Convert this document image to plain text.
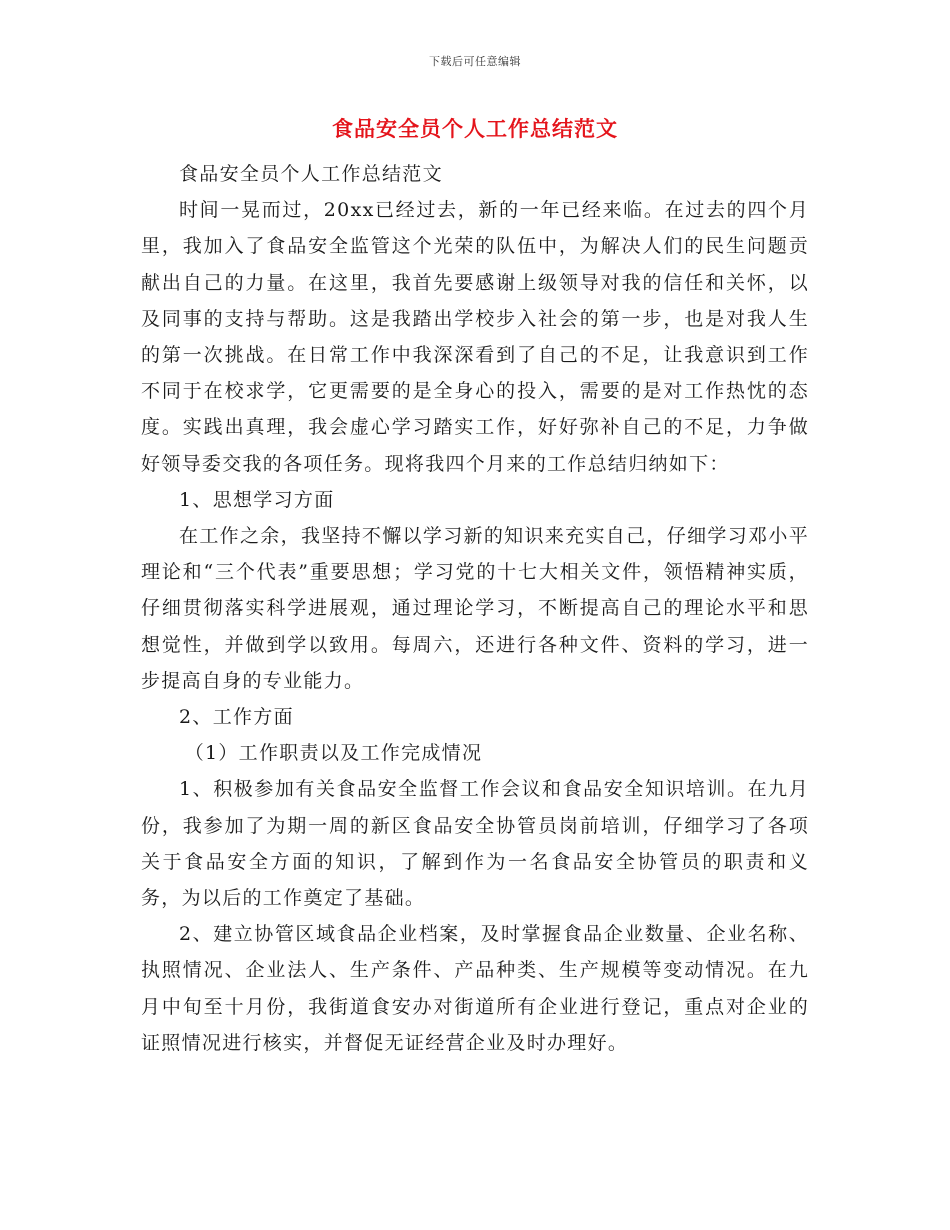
下载后可任意编辑
食品安全员个人工作总结范文

食品安全员个人工作总结范文

时间一晃而过，20xx已经过去，新的一年已经来临。在过去的四个月里，我加入了食品安全监管这个光荣的队伍中，为解决人们的民生问题贡献出自己的力量。在这里，我首先要感谢上级领导对我的信任和关怀，以及同事的支持与帮助。这是我踏出学校步入社会的第一步，也是对我人生的第一次挑战。在日常工作中我深深看到了自己的不足，让我意识到工作不同于在校求学，它更需要的是全身心的投入，需要的是对工作热忱的态度。实践出真理，我会虚心学习踏实工作，好好弥补自己的不足，力争做好领导委交我的各项任务。现将我四个月来的工作总结归纳如下：

1、思想学习方面

在工作之余，我坚持不懈以学习新的知识来充实自己，仔细学习邓小平理论和“三个代表”重要思想；学习党的十七大相关文件，领悟精神实质，仔细贯彻落实科学进展观，通过理论学习，不断提高自己的理论水平和思想觉性，并做到学以致用。每周六，还进行各种文件、资料的学习，进一步提高自身的专业能力。

2、工作方面

（1）工作职责以及工作完成情况

1、积极参加有关食品安全监督工作会议和食品安全知识培训。在九月份，我参加了为期一周的新区食品安全协管员岗前培训，仔细学习了各项关于食品安全方面的知识，了解到作为一名食品安全协管员的职责和义务，为以后的工作奠定了基础。

2、建立协管区域食品企业档案，及时掌握食品企业数量、企业名称、执照情况、企业法人、生产条件、产品种类、生产规模等变动情况。在九月中旬至十月份，我街道食安办对街道所有企业进行登记，重点对企业的证照情况进行核实，并督促无证经营企业及时办理好。
